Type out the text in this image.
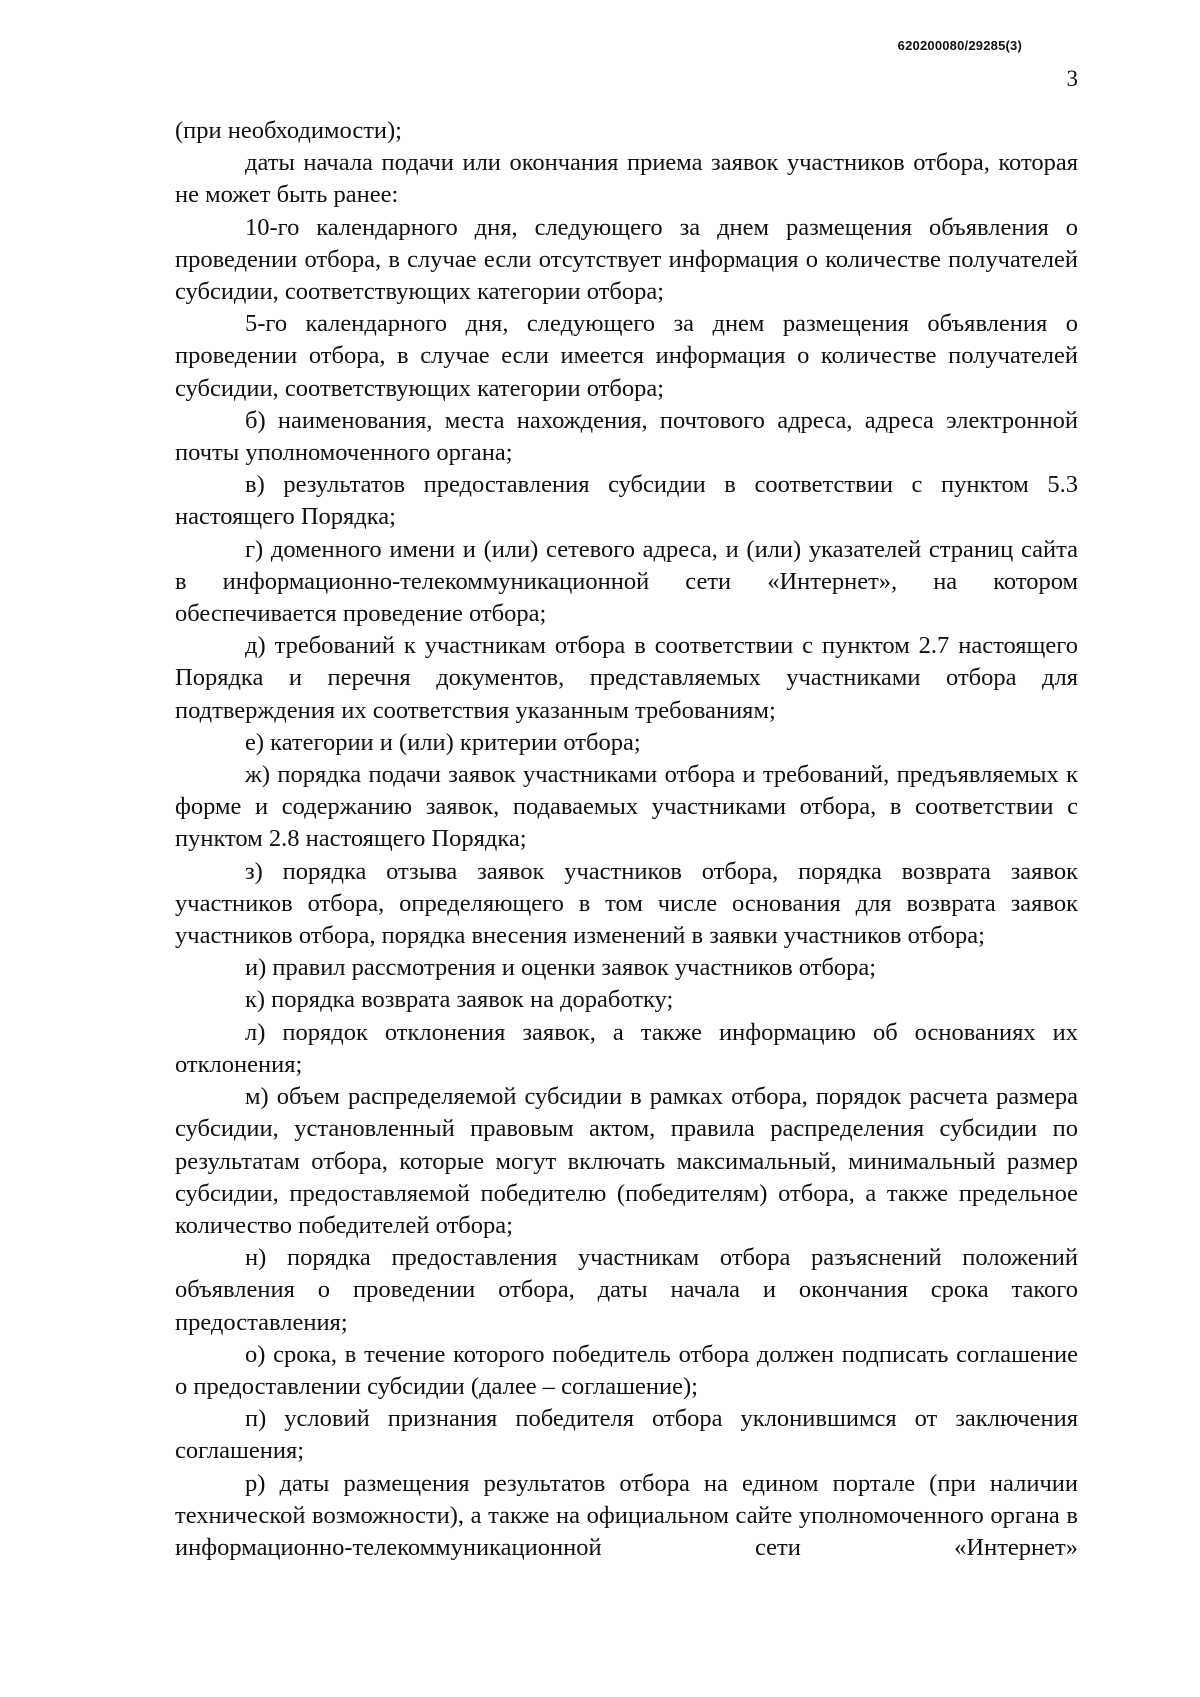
620200080/29285(3)
3

(при необходимости);

даты начала подачи или окончания приема заявок участников отбора, которая не может быть ранее:

10-го календарного дня, следующего за днем размещения объявления о проведении отбора, в случае если отсутствует информация о количестве получателей субсидии, соответствующих категории отбора;

5-го календарного дня, следующего за днем размещения объявления о проведении отбора, в случае если имеется информация о количестве получателей субсидии, соответствующих категории отбора;

б) наименования, места нахождения, почтового адреса, адреса электронной почты уполномоченного органа;

в) результатов предоставления субсидии в соответствии с пунктом 5.3 настоящего Порядка;

г) доменного имени и (или) сетевого адреса, и (или) указателей страниц сайта в информационно-телекоммуникационной сети «Интернет», на котором обеспечивается проведение отбора;

д) требований к участникам отбора в соответствии с пунктом 2.7 настоящего Порядка и перечня документов, представляемых участниками отбора для подтверждения их соответствия указанным требованиям;

е) категории и (или) критерии отбора;

ж) порядка подачи заявок участниками отбора и требований, предъявляемых к форме и содержанию заявок, подаваемых участниками отбора, в соответствии с пунктом 2.8 настоящего Порядка;

з) порядка отзыва заявок участников отбора, порядка возврата заявок участников отбора, определяющего в том числе основания для возврата заявок участников отбора, порядка внесения изменений в заявки участников отбора;

и) правил рассмотрения и оценки заявок участников отбора;

к) порядка возврата заявок на доработку;

л) порядок отклонения заявок, а также информацию об основаниях их отклонения;

м) объем распределяемой субсидии в рамках отбора, порядок расчета размера субсидии, установленный правовым актом, правила распределения субсидии по результатам отбора, которые могут включать максимальный, минимальный размер субсидии, предоставляемой победителю (победителям) отбора, а также предельное количество победителей отбора;

н) порядка предоставления участникам отбора разъяснений положений объявления о проведении отбора, даты начала и окончания срока такого предоставления;

о) срока, в течение которого победитель отбора должен подписать соглашение о предоставлении субсидии (далее – соглашение);

п) условий признания победителя отбора уклонившимся от заключения соглашения;

р) даты размещения результатов отбора на едином портале (при наличии технической возможности), а также на официальном сайте уполномоченного органа в информационно-телекоммуникационной сети «Интернет»
